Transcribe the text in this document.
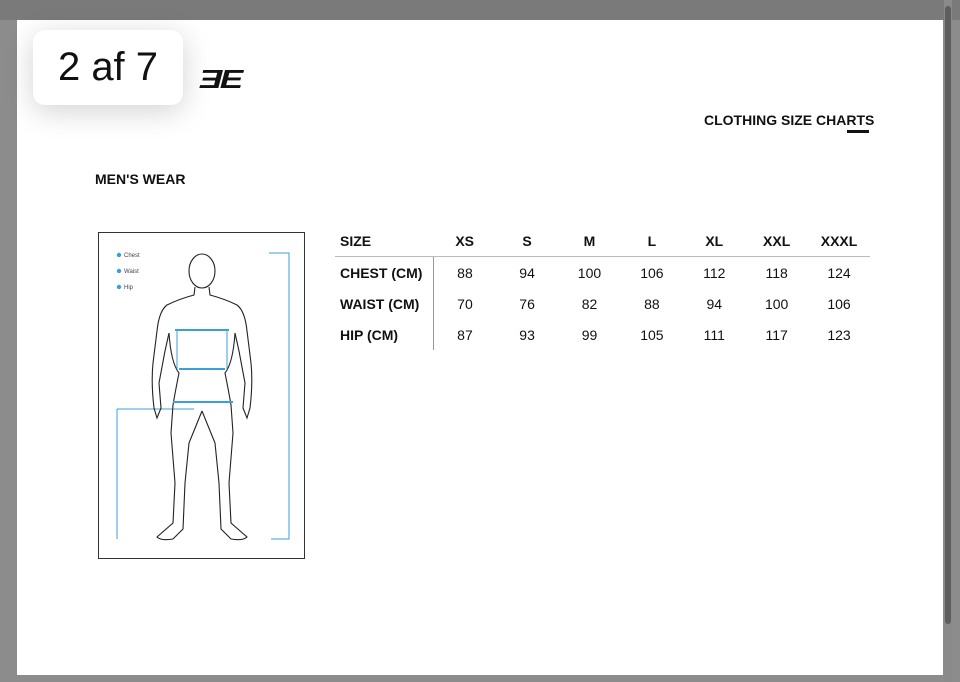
ƎE
CLOTHING SIZE CHARTS
MEN'S WEAR
Chest
Waist
Hip
SIZE	XS	S	M	L	XL	XXL	XXXL
CHEST (CM)	88	94	100	106	112	118	124
WAIST (CM)	70	76	82	88	94	100	106
HIP (CM)	87	93	99	105	111	117	123
2 af 7
